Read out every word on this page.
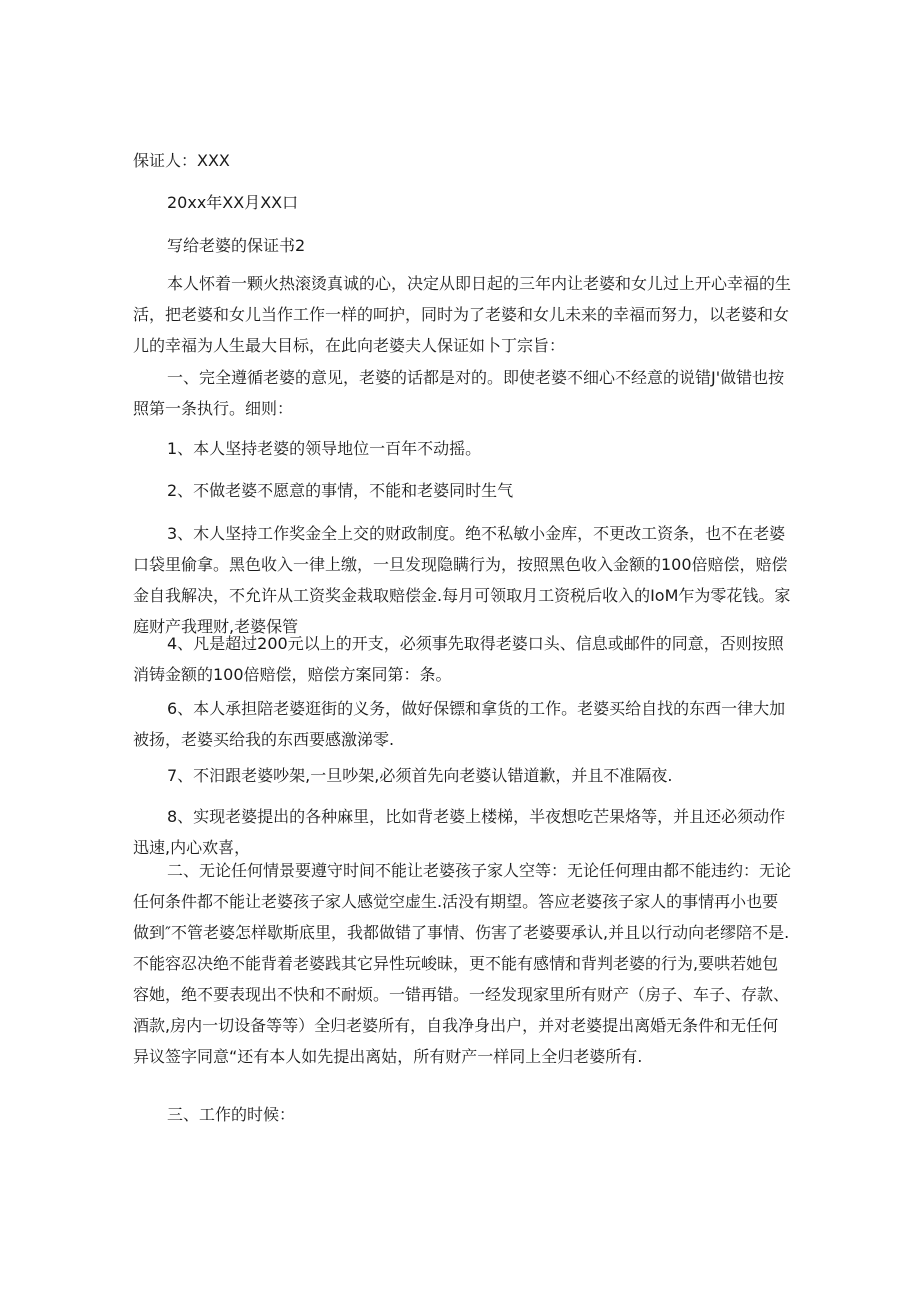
保证人：XXX
20xx年XX月XX口
写给老婆的保证书2
本人怀着一颗火热滚烫真诚的心，决定从即日起的三年内让老婆和女儿过上开心幸福的生活，把老婆和女儿当作工作一样的呵护，同时为了老婆和女儿未来的幸福而努力，以老婆和女儿的幸福为人生最大目标，在此向老婆夫人保证如卜丁宗旨：
一、完全遵循老婆的意见，老婆的话都是对的。即使老婆不细心不经意的说错J'做错也按照第一条执行。细则：
1、本人坚持老婆的领导地位一百年不动摇。
2、不做老婆不愿意的事情，不能和老婆同时生气
3、木人坚持工作奖金全上交的财政制度。绝不私敏小金库，不更改工资条，也不在老婆口袋里偷拿。黑色收入一律上缴，一旦发现隐瞒行为，按照黑色收入金额的100倍赔偿，赔偿金自我解决，不允许从工资奖金栽取赔偿金.每月可领取月工资税后收入的IoM乍为零花钱。家庭财产我理财,老婆保管
4、凡是超过200元以上的开支，必须事先取得老婆口头、信息或邮件的同意，否则按照消铸金额的100倍赔偿，赔偿方案同第：条。
6、本人承担陪老婆逛街的义务，做好保镖和拿货的工作。老婆买给自找的东西一律大加被扬，老婆买给我的东西要感激涕零.
7、不汨跟老婆吵架,一旦吵架,必须首先向老婆认错道歉，并且不准隔夜.
8、实现老婆提出的各种麻里，比如背老婆上楼梯，半夜想吃芒果烙等，并且还必须动作迅速,内心欢喜，
二、无论任何情景要遵守时间不能让老婆孩子家人空等：无论任何理由都不能违约：无论任何条件都不能让老婆孩子家人感觉空虚生.活没有期望。答应老婆孩子家人的事情再小也要做到″不管老婆怎样歇斯底里，我都做错了事情、伤害了老婆要承认,并且以行动向老缪陪不是.不能容忍决绝不能背着老婆践其它异性玩峻昧，更不能有感情和背判老婆的行为,要哄若她包容她，绝不要表现出不快和不耐烦。一错再错。一经发现家里所有财产（房子、车子、存款、酒款,房内一切设备等等）全归老婆所有，自我净身出户，并对老婆提出离婚无条件和无任何异议签字同意“还有本人如先提出离姑，所有财产一样同上全归老婆所有.
三、工作的时候：
